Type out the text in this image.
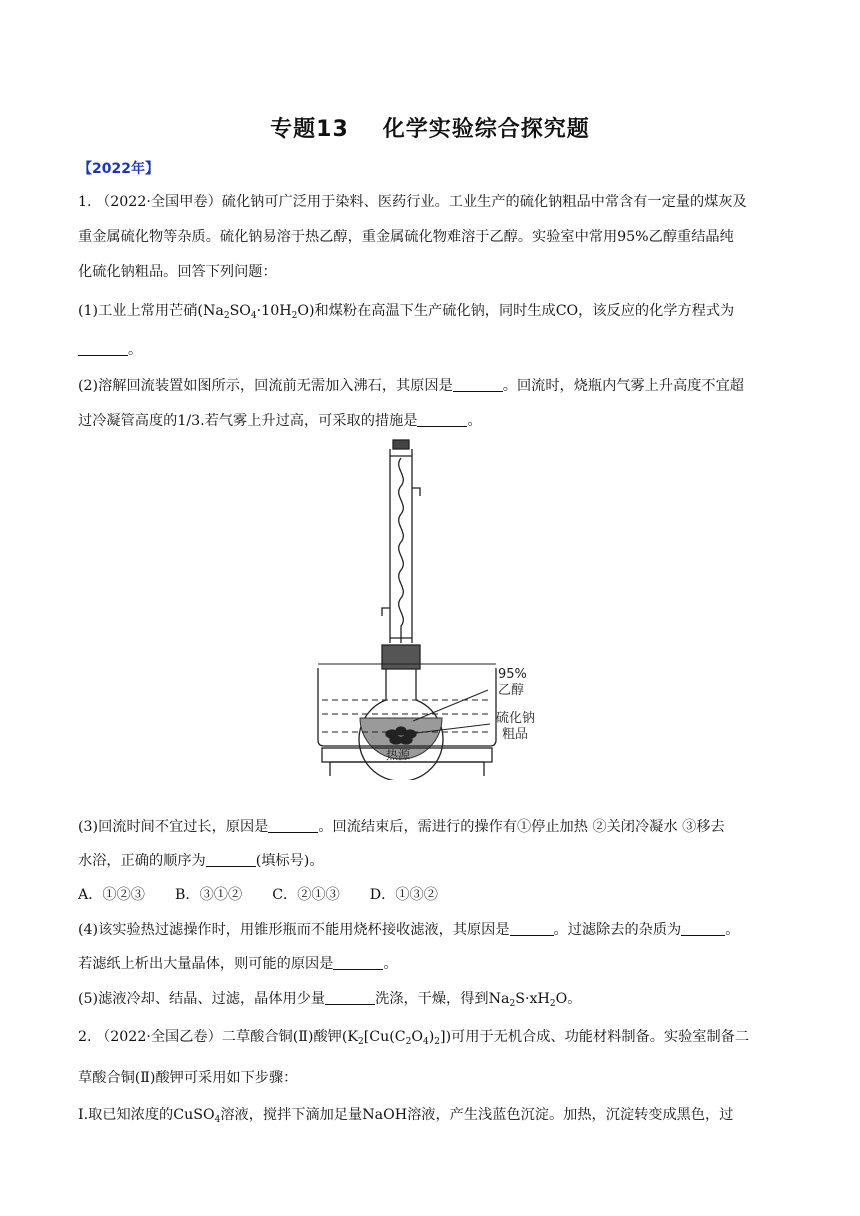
专题13 化学实验综合探究题
【2022年】
1. （2022·全国甲卷）硫化钠可广泛用于染料、医药行业。工业生产的硫化钠粗品中常含有一定量的煤灰及
重金属硫化物等杂质。硫化钠易溶于热乙醇，重金属硫化物难溶于乙醇。实验室中常用95%乙醇重结晶纯
化硫化钠粗品。回答下列问题：
(1)工业上常用芒硝$(Na_2SO_4\cdot 10H_2O)$和煤粉在高温下生产硫化钠，同时生成CO，该反应的化学方程式为
。
(2)溶解回流装置如图所示，回流前无需加入沸石，其原因是	。回流时，烧瓶内气雾上升高度不宜超
过冷凝管高度的1/3.若气雾上升过高，可采取的措施是	。
95%
乙醇
硫化钠
粗品
热源
(3)回流时间不宜过长，原因是	。回流结束后，需进行的操作有①停止加热 ②关闭冷凝水 ③移去
水浴，正确的顺序为	(填标号)。
A．①②③ B．③①② C．②①③ D．①③②
(4)该实验热过滤操作时，用锥形瓶而不能用烧杯接收滤液，其原因是	。过滤除去的杂质为	。
若滤纸上析出大量晶体，则可能的原因是	。
(5)滤液冷却、结晶、过滤，晶体用少量	洗涤，干燥，得到$Na_2S\cdot xH_2O$。
2. （2022·全国乙卷）二草酸合铜(Ⅱ)酸钾$(K_2[Cu(C_2O_4)_2])$可用于无机合成、功能材料制备。实验室制备二
草酸合铜(Ⅱ)酸钾可采用如下步骤：
Ⅰ.取已知浓度的CuSO$_4$溶液，搅拌下滴加足量NaOH溶液，产生浅蓝色沉淀。加热，沉淀转变成黑色，过
